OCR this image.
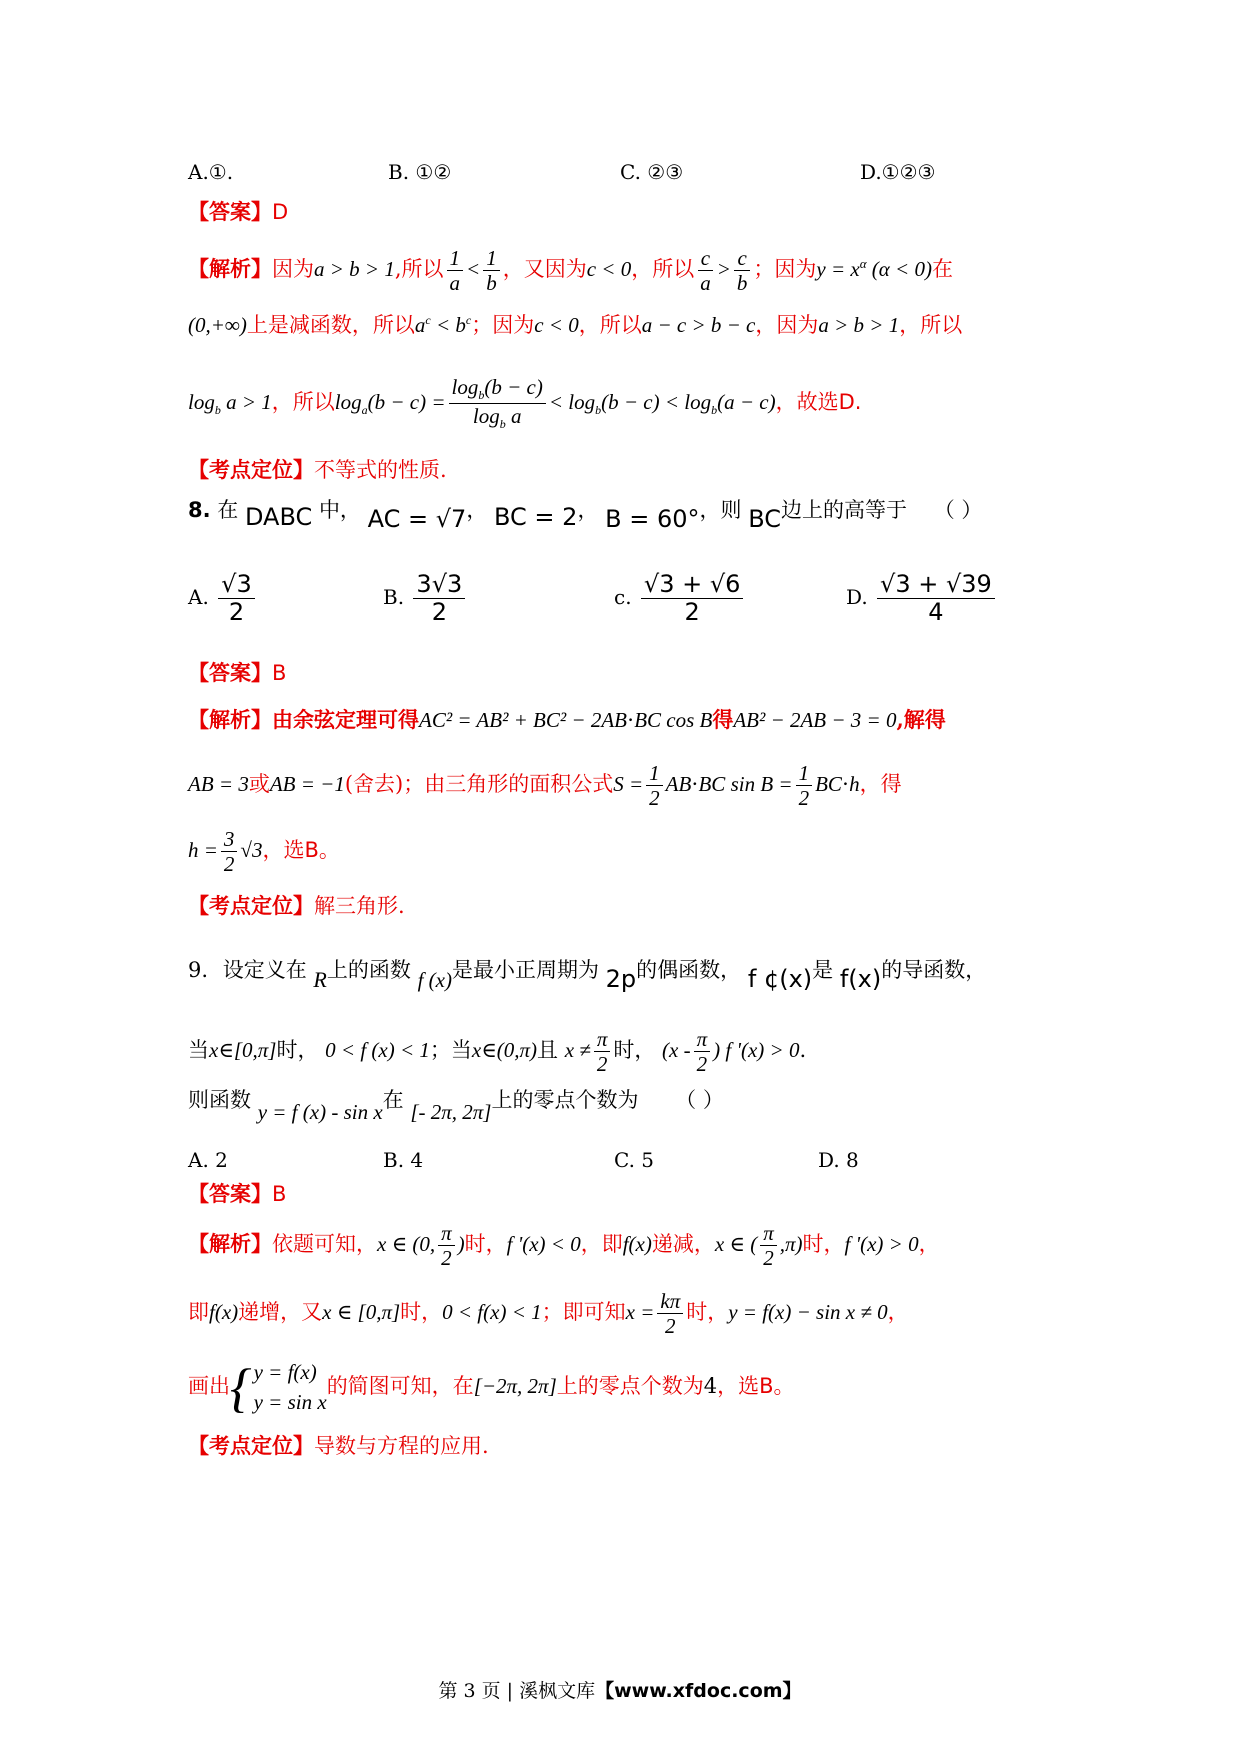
A.①.	B. ①②	C. ②③	D.①②③
【答案】D
【解析】因为a > b > 1,所以 $\frac{1}{a} < \frac{1}{b}$ ，又因为c < 0，所以 $\frac{c}{a} > \frac{c}{b}$ ；因为$y = x^\alpha$ (α < 0)在
(0,+∞)上是减函数，所以$a^c < b^c$；因为c < 0，所以a − c > b − c，因为a > b > 1，所以
$\log_b a > 1$，所以$\log_a(b - c) = \frac{\log_b(b - c)}{\log_b a} < \log_b(b - c) < \log_b(a - c)$，故选D.
【考点定位】不等式的性质.
8. 在 DABC 中， AC = √7， BC = 2， B = 60°，则 BC边上的高等于 （ ）
A. $\frac{√3}{2}$	B. $\frac{3√3}{2}$	c. $\frac{√3 + √6}{2}$	D. $\frac{√3 + √39}{4}$
【答案】B
【解析】由余弦定理可得AC² = AB² + BC² − 2AB⋅BC cos B得AB² − 2AB − 3 = 0,解得
AB = 3或AB = −1(舍去)；由三角形的面积公式$S = \frac{1}{2} AB\cdot BC$ $\sin B = \frac{1}{2} BC\cdot h$，得
$h = \frac{3}{2} √3$，选B。
【考点定位】解三角形.
9. 设定义在 R上的函数 f (x)是最小正周期为 2p的偶函数， f ¢(x)是 f(x)的导函数，
当x∈[0,π]时， 0 < f (x) < 1；当x∈(0,π)且 $x \ne \frac{\pi}{2}$ 时， ($x - \frac{\pi}{2}$ ) f '(x) > 0.
则函数 y = f (x) - sin x在 [- 2π, 2π]上的零点个数为 （ ）
A. 2	B. 4	C. 5	D. 8
【答案】B
【解析】依题可知，x ∈ (0, $\frac{\pi}{2}$ )时，f '(x) < 0，即f(x)递减，x ∈ ( $\frac{\pi}{2} ,\pi$)时，f '(x) > 0，
即f(x)递增，又x ∈ [0,π]时，0 < f(x) < 1；即可知$x = \frac{k\pi}{2}$ 时，y = f(x) − sin x ≠ 0，
画出 { y = f(x)
y = sin x
的简图可知，在[−2π, 2π]上的零点个数为4，选B。
【考点定位】导数与方程的应用.
第 3 页 | 溪枫文库【www.xfdoc.com】
